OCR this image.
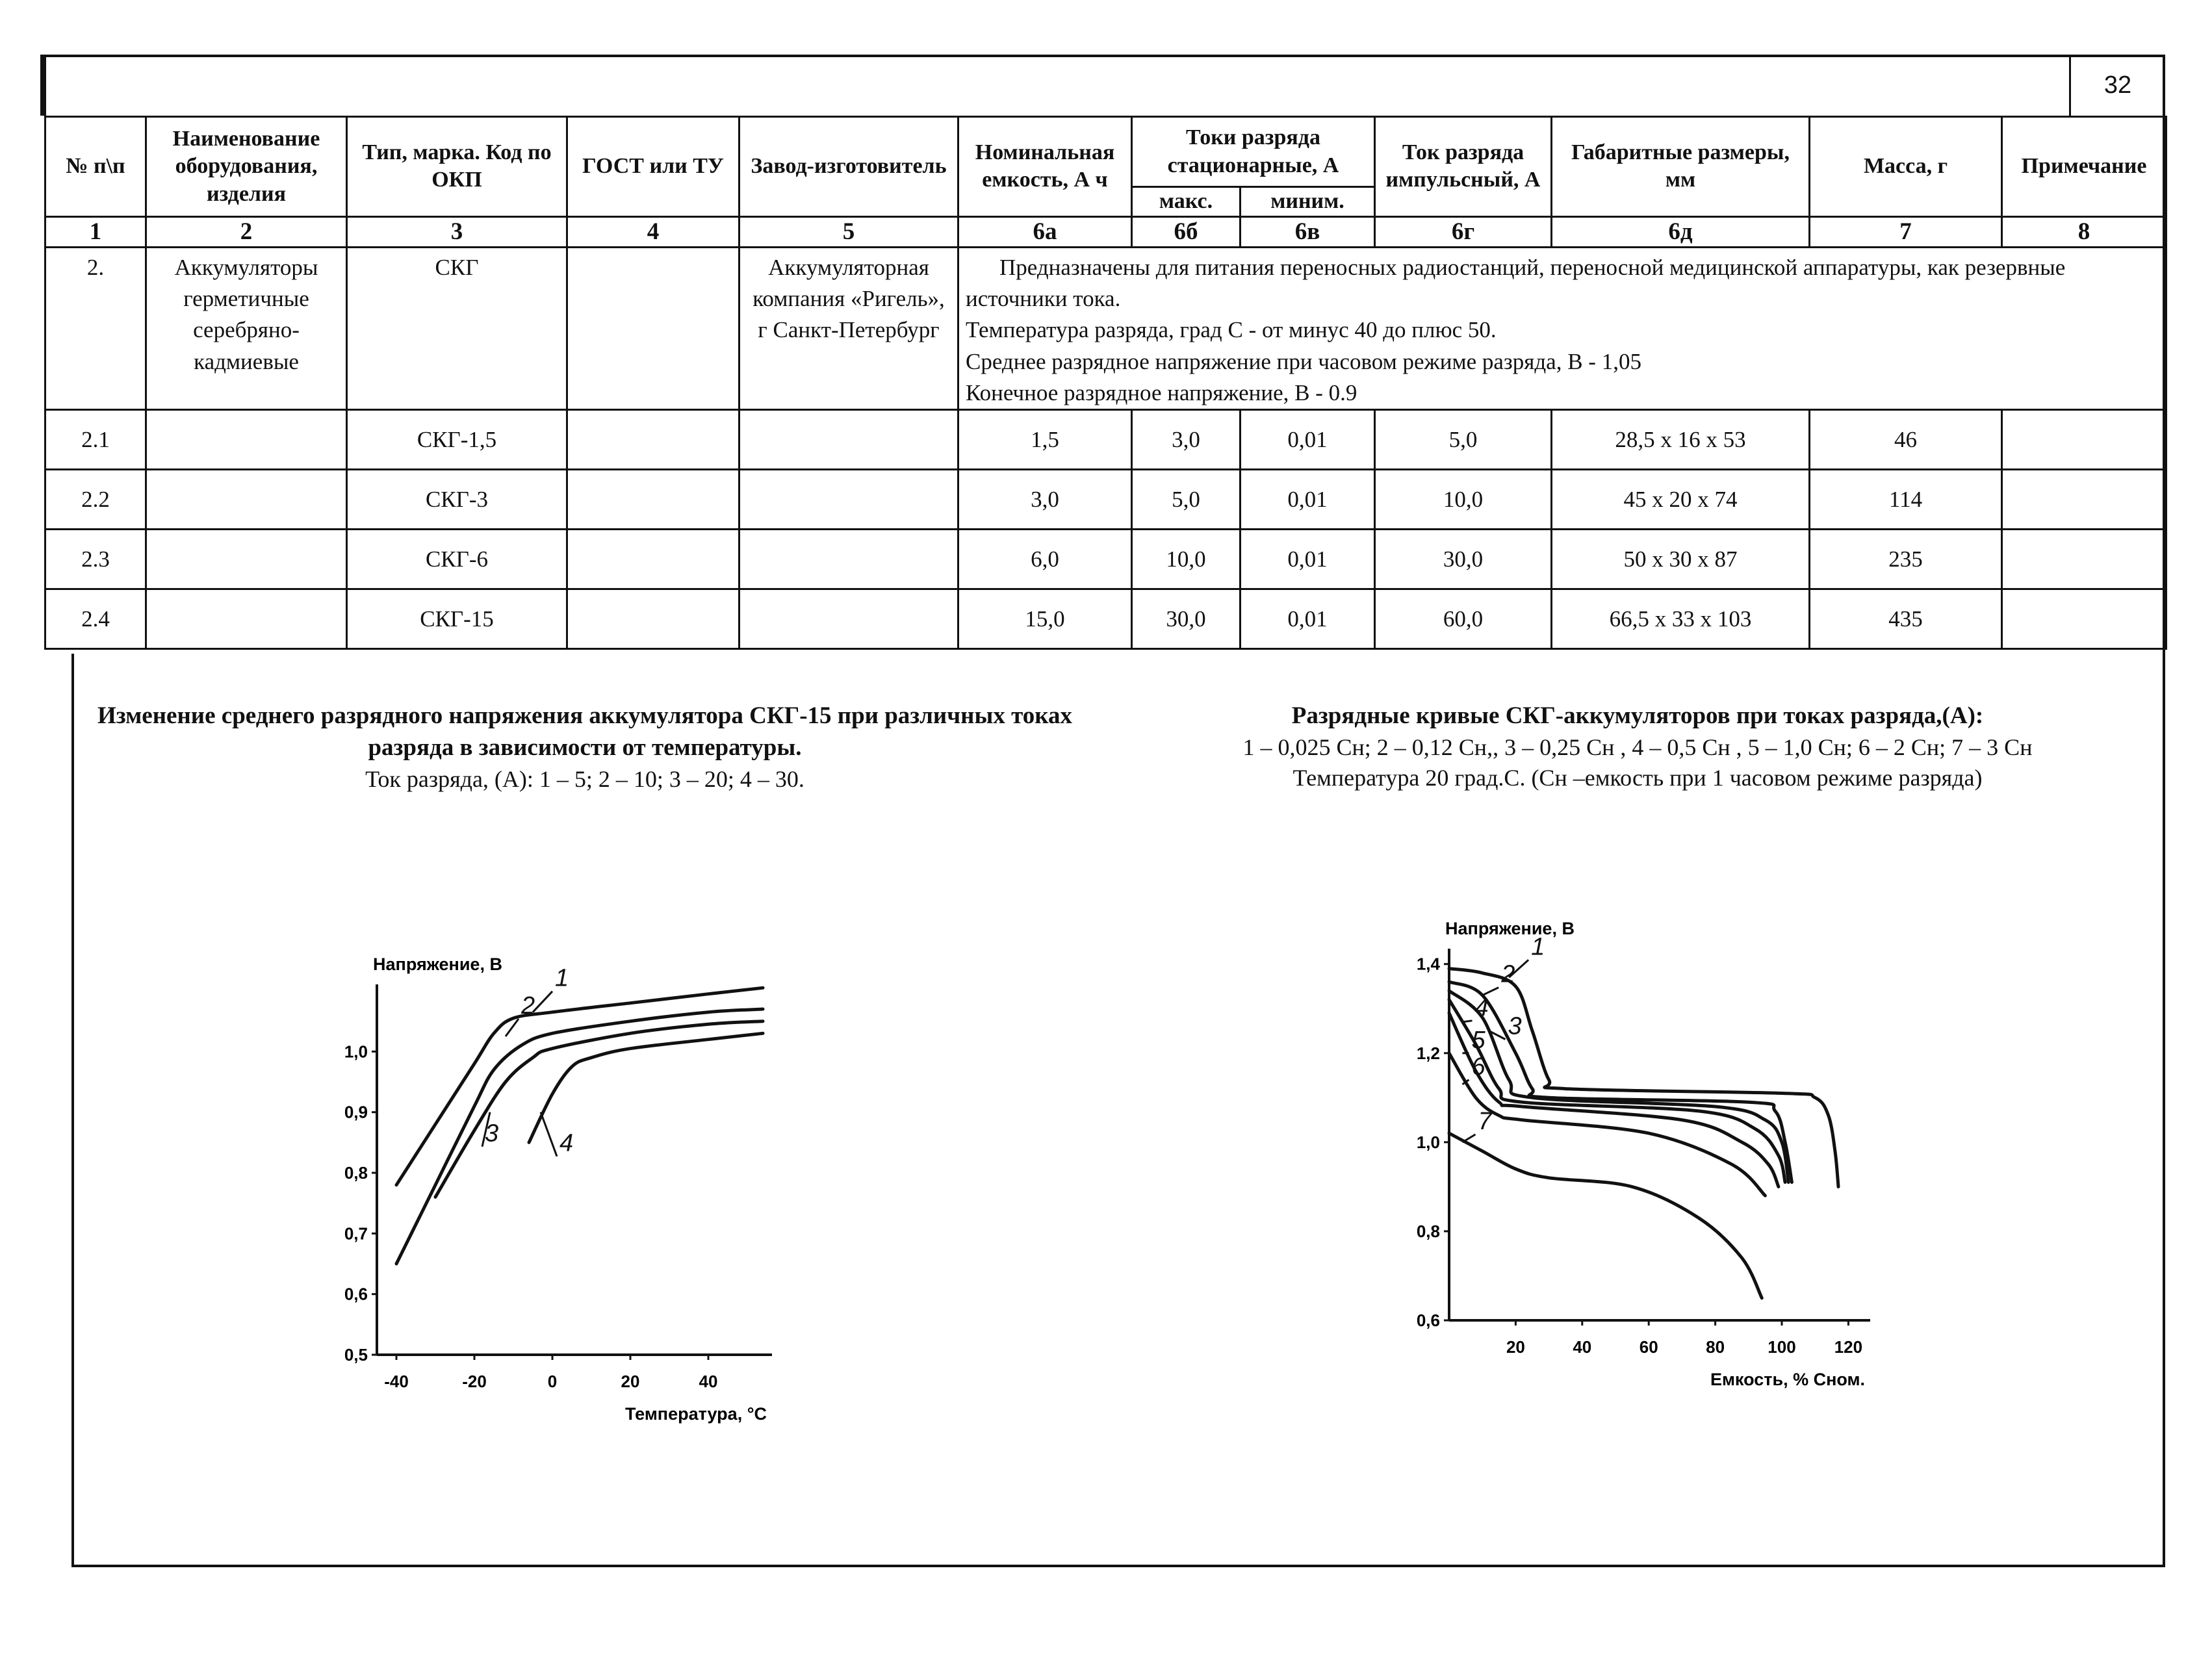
32
№ п\п	Наименование оборудования, изделия	Тип, марка. Код по ОКП	ГОСТ или ТУ	Завод-изготовитель	Номинальная емкость, А ч	Токи разряда стационарные, А		Ток разряда импульсный, А	Габаритные размеры, мм	Масса, г	Примечание
						макс.	миним.				
1	2	3	4	5	6а	6б	6в	6г	6д	7	8
2.	Аккумуляторы герметичные серебряно-кадмиевые	СКГ		Аккумуляторная компания «Ригель», г Санкт-Петербург	Предназначены для питания переносных радиостанций, переносной медицинской аппаратуры, как резервные источники тока.
Температура разряда, град С - от минус 40 до плюс 50.
Среднее разрядное напряжение при часовом режиме разряда, В - 1,05
Конечное разрядное напряжение, В - 0.9						

2.1		СКГ-1,5			1,5	3,0	0,01	5,0	28,5 х 16 х 53	46	
2.2		СКГ-3			3,0	5,0	0,01	10,0	45 х 20 х 74	114	
2.3		СКГ-6			6,0	10,0	0,01	30,0	50 х 30 х 87	235	
2.4		СКГ-15			15,0	30,0	0,01	60,0	66,5 х 33 х 103	435	
Изменение среднего разрядного напряжения аккумулятора СКГ-15 при различных токах разряда в зависимости от температуры.
Ток разряда, (А): 1 – 5; 2 – 10; 3 – 20; 4 – 30.
Разрядные кривые СКГ-аккумуляторов при токах разряда,(А):
1 – 0,025 Сн; 2 – 0,12 Сн,, 3 – 0,25 Сн , 4 – 0,5 Сн , 5 – 1,0 Сн; 6 – 2 Сн; 7 – 3 Сн
Температура 20 град.С. (Сн –емкость при 1 часовом режиме разряда)
Напряжение, В
Температура, °С
1,0
0,9
0,8
0,7
0,6
0,5
-40	-20	0	20	40
1
2
3 4
Напряжение, В
Емкость, % Сном.
1,4
1,2
1,0
0,8
0,6
20	40	60	80	100 120
1
2
3
4
5
6
7
